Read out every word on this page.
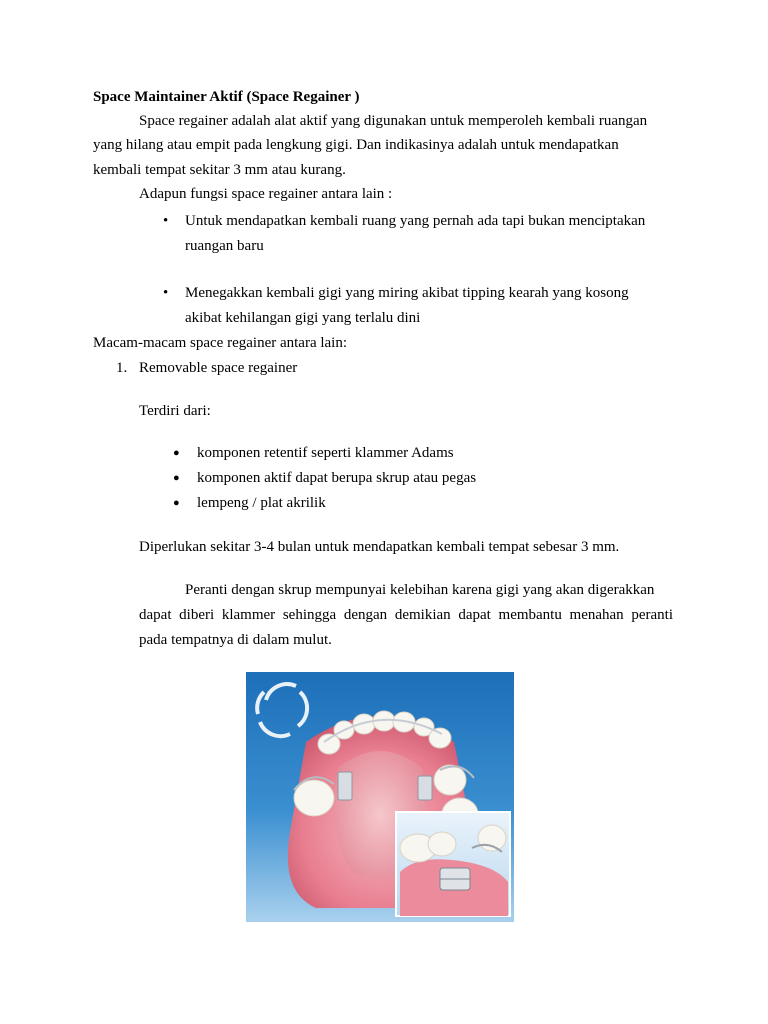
Space Maintainer Aktif (Space Regainer )
Space regainer adalah alat aktif yang digunakan untuk memperoleh kembali ruangan
yang hilang atau empit pada lengkung gigi. Dan indikasinya adalah untuk mendapatkan
kembali tempat sekitar 3 mm atau kurang.
Adapun fungsi space regainer antara lain :
• Untuk mendapatkan kembali ruang yang pernah ada tapi bukan menciptakan
ruangan baru
• Menegakkan kembali gigi yang miring akibat tipping kearah yang kosong
akibat kehilangan gigi yang terlalu dini
Macam-macam space regainer antara lain:
1. Removable space regainer
Terdiri dari:
● komponen retentif seperti klammer Adams
● komponen aktif dapat berupa skrup atau pegas
● lempeng / plat akrilik
Diperlukan sekitar 3-4 bulan untuk mendapatkan kembali tempat sebesar 3 mm.
Peranti dengan skrup mempunyai kelebihan karena gigi yang akan digerakkan
dapat diberi klammer sehingga dengan demikian dapat membantu menahan peranti
pada tempatnya di dalam mulut.
